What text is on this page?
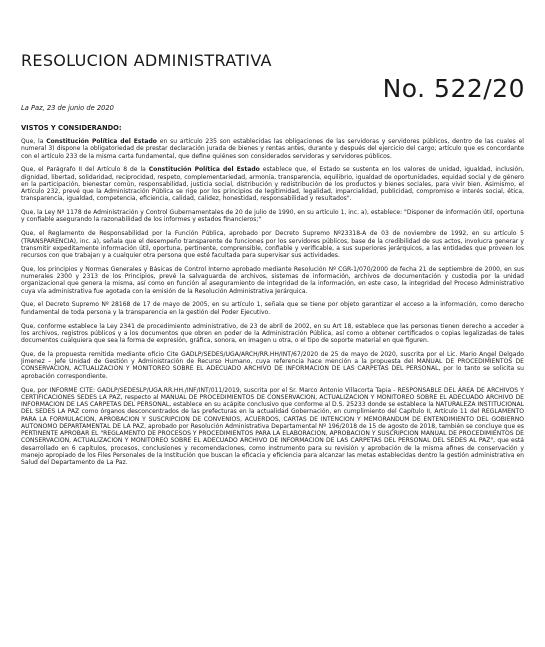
RESOLUCION ADMINISTRATIVA
No. 522/20
La Paz, 23 de junio de 2020
VISTOS Y CONSIDERANDO:

Que, la Constitución Política del Estado en su artículo 235 son establecidas las obligaciones de las servidoras y servidores públicos, dentro de las cuales el numeral 3) dispone la obligatoriedad de prestar declaración jurada de bienes y rentas antes, durante y después del ejercicio del cargo; artículo que es concordante con el artículo 233 de la misma carta fundamental, que define quiénes son considerados servidoras y servidores públicos.

Que, el Parágrafo II del Artículo 8 de la Constitución Política del Estado establece que, el Estado se sustenta en los valores de unidad, igualdad, inclusión, dignidad, libertad, solidaridad, reciprocidad, respeto, complementariedad, armonía, transparencia, equilibrio, igualdad de oportunidades, equidad social y de género en la participación, bienestar común, responsabilidad, justicia social, distribución y redistribución de los productos y bienes sociales, para vivir bien. Asimismo, el Artículo 232, prevé que la Administración Pública se rige por los principios de legitimidad, legalidad, imparcialidad, publicidad, compromiso e interés social, ética, transparencia, igualdad, competencia, eficiencia, calidad, calidez, honestidad, responsabilidad y resultados".

Que, la Ley Nº 1178 de Administración y Control Gubernamentales de 20 de julio de 1990, en su artículo 1, inc. a), establece: "Disponer de información útil, oportuna y confiable asegurando la razonabilidad de los informes y estados financieros;"

Que, el Reglamento de Responsabilidad por la Función Pública, aprobado por Decreto Supremo Nº23318-A de 03 de noviembre de 1992, en su artículo 5 (TRANSPARENCIA), inc. a), señala que el desempeño transparente de funciones por los servidores públicos, base de la credibilidad de sus actos, involucra generar y transmitir expeditamente información útil, oportuna, pertinente, comprensible, confiable y verificable, a sus superiores jerárquicos, a las entidades que proveen los recursos con que trabajan y a cualquier otra persona que esté facultada para supervisar sus actividades.

Que, los principios y Normas Generales y Básicas de Control Interno aprobado mediante Resolución Nº CGR-1/070/2000 de fecha 21 de septiembre de 2000, en sus numerales 2300 y 2313 de los Principios, prevé la salvaguarda de archivos, sistemas de información, archivos de documentación y custodia por la unidad organizacional que genera la misma, así como en función al aseguramiento de integridad de la información, en este caso, la integridad del Proceso Administrativo cuya vía administrativa fue agotada con la emisión de la Resolución Administrativa Jerárquica.

Que, el Decreto Supremo Nº 28168 de 17 de mayo de 2005, en su artículo 1, señala que se tiene por objeto garantizar el acceso a la información, como derecho fundamental de toda persona y la transparencia en la gestión del Poder Ejecutivo.

Que, conforme establece la Ley 2341 de procedimiento administrativo, de 23 de abril de 2002, en su Art 18, establece que las personas tienen derecho a acceder a los archivos, registros públicos y a los documentos que obren en poder de la Administración Pública, así como a obtener certificados o copias legalizadas de tales documentos cualquiera que sea la forma de expresión, gráfica, sonora, en imagen u otra, o el tipo de soporte material en que figuren.

Que, de la propuesta remitida mediante oficio Cite GADLP/SEDES/UGA/ARCH/RR.HH/INT/67/2020 de 25 de mayo de 2020, suscrita por el Lic. Mario Angel Delgado Jimenez – Jefe Unidad de Gestión y Administración de Recurso Humano, cuya referencia hace mención a la propuesta del MANUAL DE PROCEDIMIENTOS DE CONSERVACION, ACTUALIZACION Y MONITOREO SOBRE EL ADECUADO ARCHIVO DE INFORMACION DE LAS CARPETAS DEL PERSONAL, por lo tanto se solicita su aprobación correspondiente.

Que, por INFORME CITE: GADLP/SEDESLP/UGA.RR.HH./INF/INT/011/2019, suscrita por el Sr. Marco Antonio Villacorta Tapia - RESPONSABLE DEL ÁREA DE ARCHIVOS Y CERTIFICACIONES SEDES LA PAZ, respecto al MANUAL DE PROCEDIMIENTOS DE CONSERVACION, ACTUALIZACION Y MONITOREO SOBRE EL ADECUADO ARCHIVO DE INFORMACION DE LAS CARPETAS DEL PERSONAL, establece en su acápite conclusivo que conforme al D.S. 25233 donde se establece la NATURALEZA INSTITUCIONAL DEL SEDES LA PAZ como órganos desconcentrados de las prefecturas en la actualidad Gobernación, en cumplimiento del Capítulo II, Artículo 11 del REGLAMENTO PARA LA FORMULACION, APROBACION Y SUSCRIPCION DE CONVENIOS, ACUERDOS, CARTAS DE INTENCION Y MEMORANDUM DE ENTENDIMIENTO DEL GOBIERNO AUTONOMO DEPARTAMENTAL DE LA PAZ, aprobado por Resolución Administrativa Departamental Nº 196/2018 de 15 de agosto de 2018, también se concluye que es PERTINENTE APROBAR EL "REGLAMENTO DE PROCESOS Y PROCEDIMIENTOS PARA LA ELABORACION, APROBACION Y SUSCRIPCION MANUAL DE PROCEDIMIENTOS DE CONSERVACION, ACTUALIZACION Y MONITOREO SOBRE EL ADECUADO ARCHIVO DE INFORMACION DE LAS CARPETAS DEL PERSONAL DEL SEDES AL PAZ", que está desarrollado en 6 capítulos, procesos, conclusiones y recomendaciones, como instrumento para su revisión y aprobación de la misma afines de conservación y manejo apropiado de los Files Personales de la Institución que buscan la eficacia y eficiencia para alcanzar las metas establecidas dentro la gestión administrativa en Salud del Departamento de La Paz.
